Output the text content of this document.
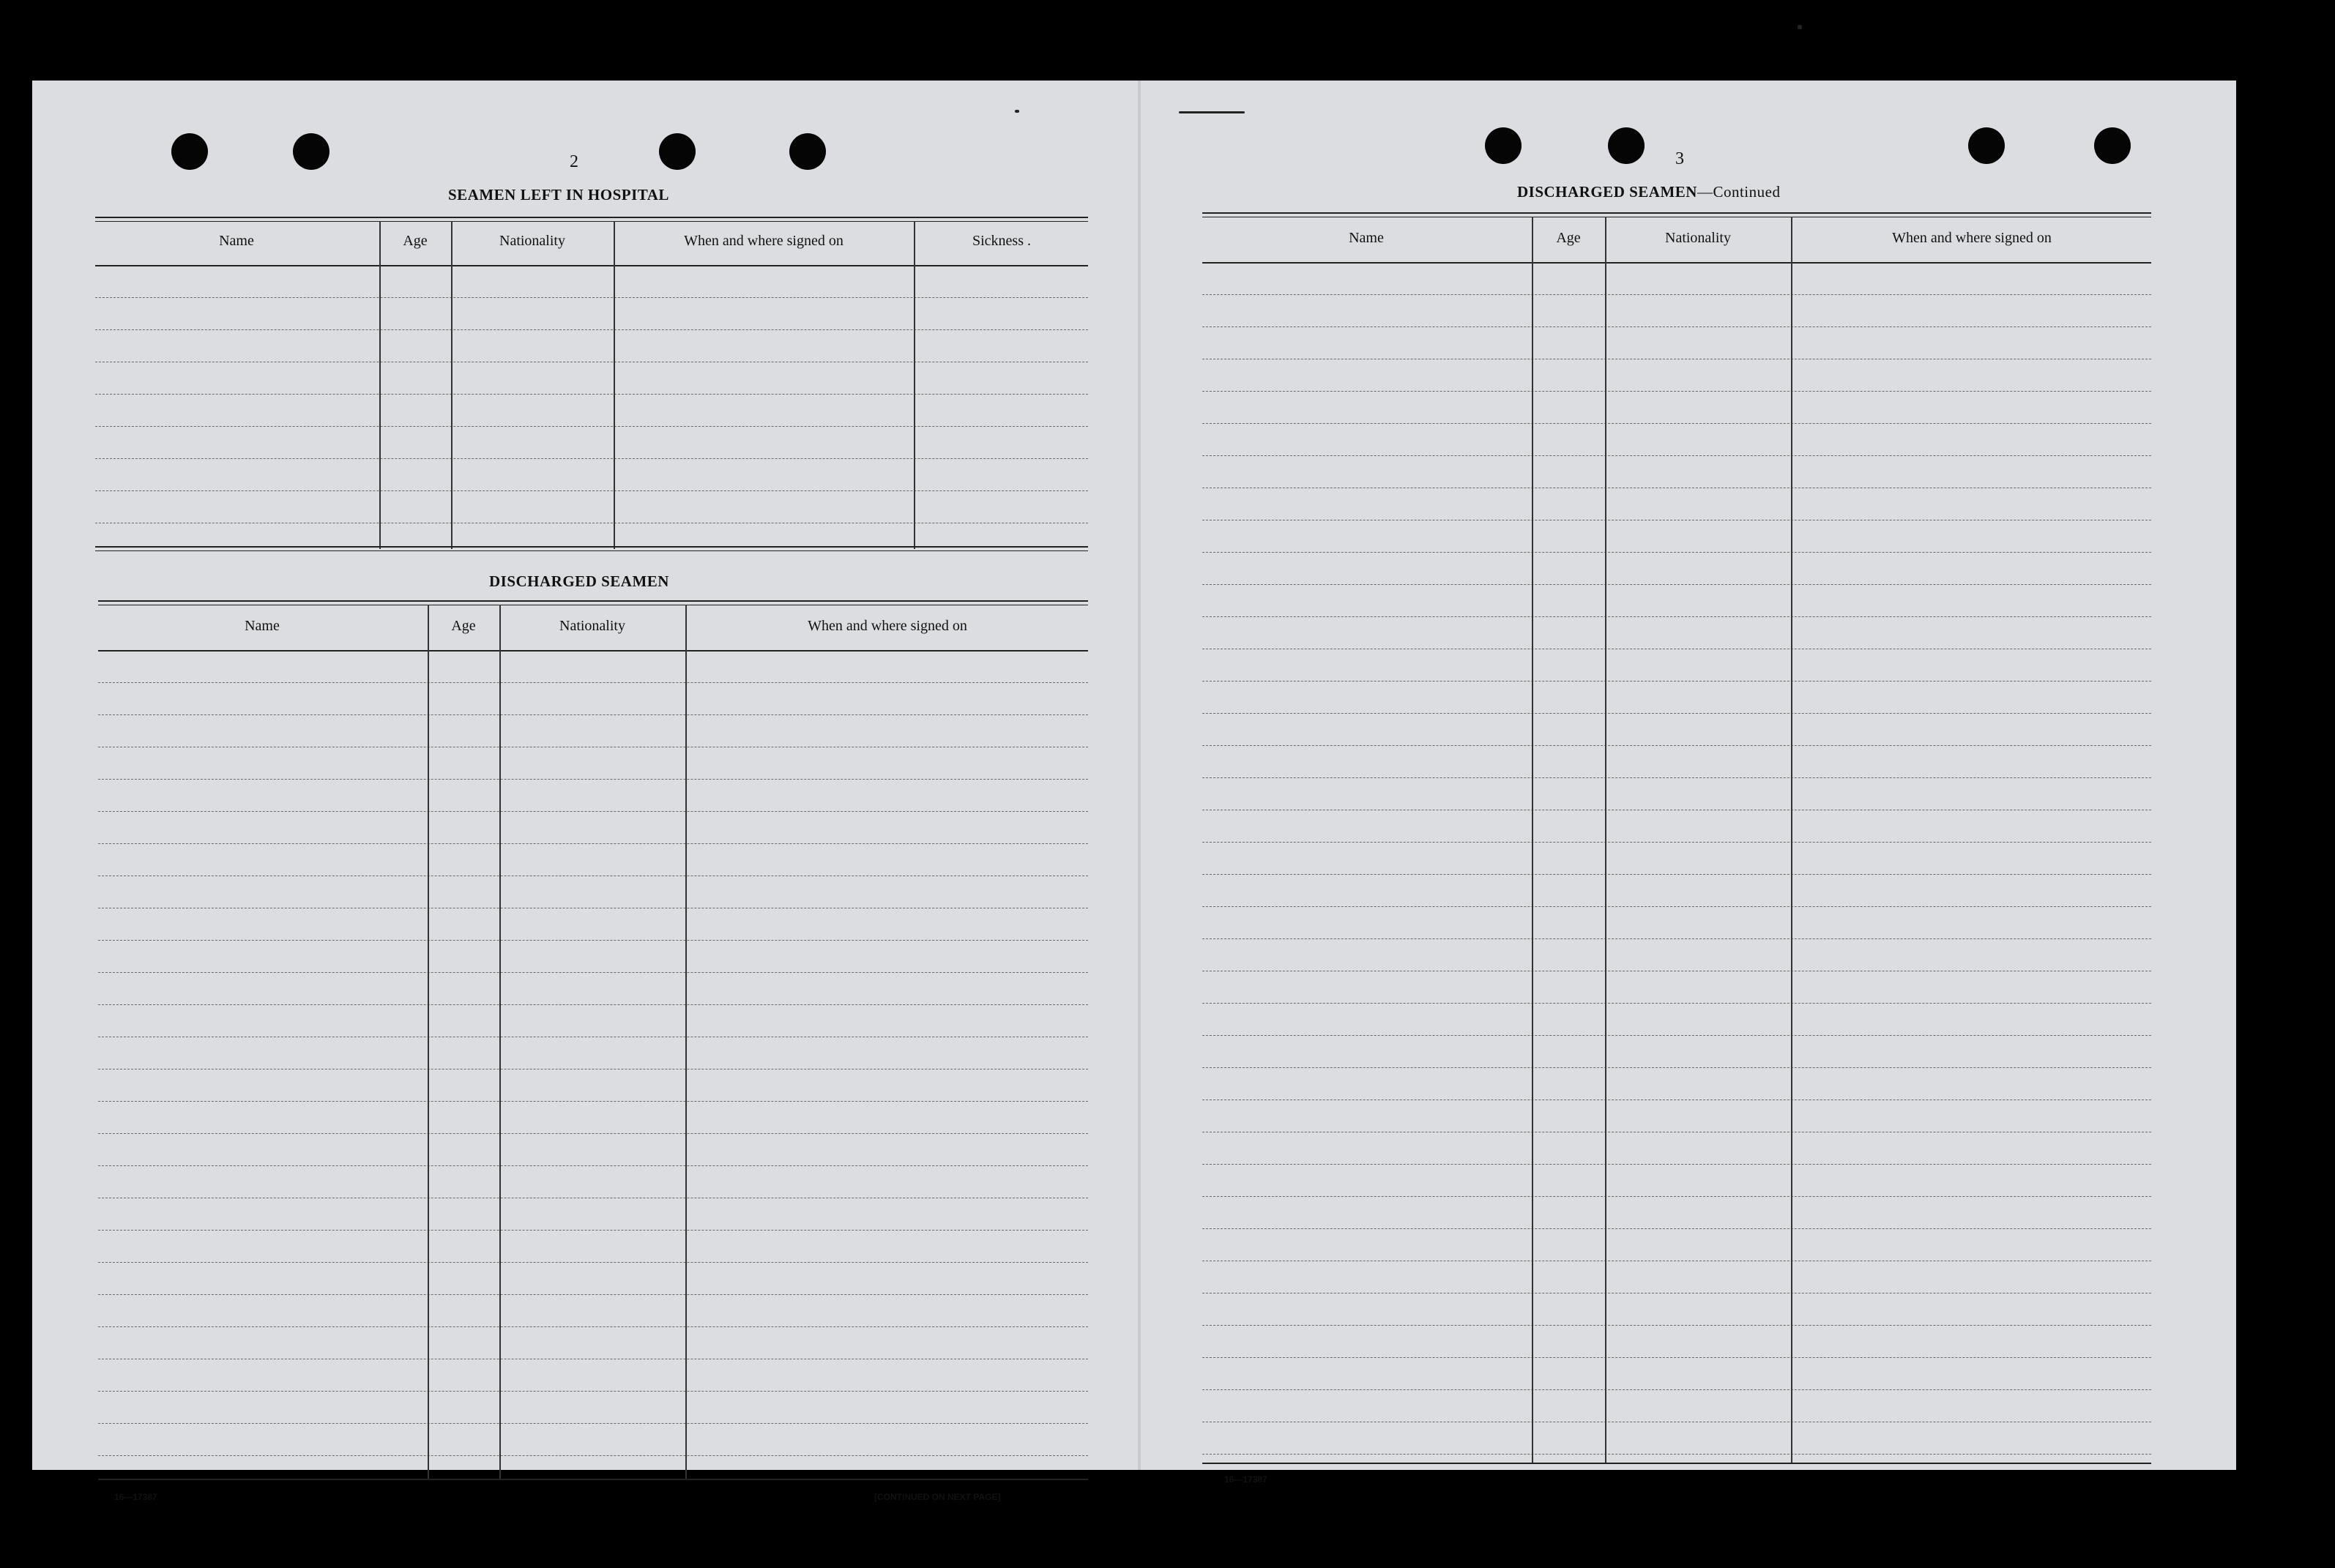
2
SEAMEN LEFT IN HOSPITAL
Name	Age	Nationality	When and where signed on	Sickness .
DISCHARGED SEAMEN
Name	Age	Nationality	When and where signed on
16—17387	[CONTINUED ON NEXT PAGE]
3
DISCHARGED SEAMEN—Continued
Name	Age	Nationality	When and where signed on
16—17387
